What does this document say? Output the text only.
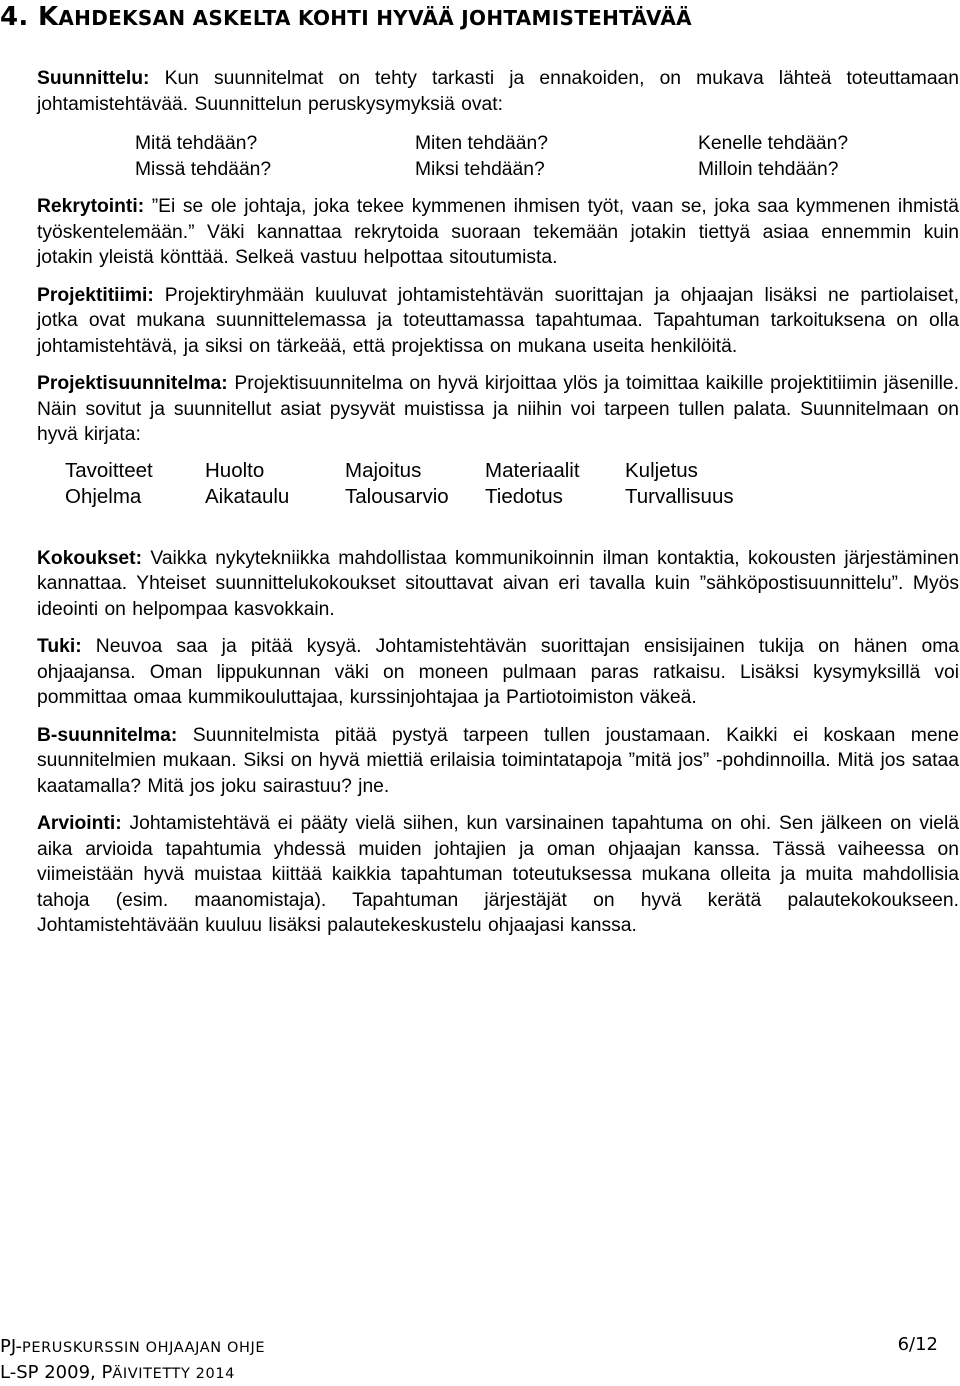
4. KAHDEKSAN ASKELTA KOHTI HYVÄÄ JOHTAMISTEHTÄVÄÄ

Suunnittelu: Kun suunnitelmat on tehty tarkasti ja ennakoiden, on mukava lähteä toteuttamaan johtamistehtävää. Suunnittelun peruskysymyksiä ovat:

Mitä tehdään?	Miten tehdään?	Kenelle tehdään?
Missä tehdään?	Miksi tehdään?	Milloin tehdään?

Rekrytointi: ”Ei se ole johtaja, joka tekee kymmenen ihmisen työt, vaan se, joka saa kymmenen ihmistä työskentelemään.” Väki kannattaa rekrytoida suoraan tekemään jotakin tiettyä asiaa ennemmin kuin jotakin yleistä könttää. Selkeä vastuu helpottaa sitoutumista.

Projektitiimi: Projektiryhmään kuuluvat johtamistehtävän suorittajan ja ohjaajan lisäksi ne partiolaiset, jotka ovat mukana suunnittelemassa ja toteuttamassa tapahtumaa. Tapahtuman tarkoituksena on olla johtamistehtävä, ja siksi on tärkeää, että projektissa on mukana useita henkilöitä.

Projektisuunnitelma: Projektisuunnitelma on hyvä kirjoittaa ylös ja toimittaa kaikille projektitiimin jäsenille. Näin sovitut ja suunnitellut asiat pysyvät muistissa ja niihin voi tarpeen tullen palata. Suunnitelmaan on hyvä kirjata:

Tavoitteet	Huolto	Majoitus	Materiaalit	Kuljetus
Ohjelma	Aikataulu	Talousarvio	Tiedotus	Turvallisuus

Kokoukset: Vaikka nykytekniikka mahdollistaa kommunikoinnin ilman kontaktia, kokousten järjestäminen kannattaa. Yhteiset suunnittelukokoukset sitouttavat aivan eri tavalla kuin ”sähköpostisuunnittelu”. Myös ideointi on helpompaa kasvokkain.

Tuki: Neuvoa saa ja pitää kysyä. Johtamistehtävän suorittajan ensisijainen tukija on hänen oma ohjaajansa. Oman lippukunnan väki on moneen pulmaan paras ratkaisu. Lisäksi kysymyksillä voi pommittaa omaa kummikouluttajaa, kurssinjohtajaa ja Partiotoimiston väkeä.

B-suunnitelma: Suunnitelmista pitää pystyä tarpeen tullen joustamaan. Kaikki ei koskaan mene suunnitelmien mukaan. Siksi on hyvä miettiä erilaisia toimintatapoja ”mitä jos” -pohdinnoilla. Mitä jos sataa kaatamalla? Mitä jos joku sairastuu? jne.

Arviointi: Johtamistehtävä ei pääty vielä siihen, kun varsinainen tapahtuma on ohi. Sen jälkeen on vielä aika arvioida tapahtumia yhdessä muiden johtajien ja oman ohjaajan kanssa. Tässä vaiheessa on viimeistään hyvä muistaa kiittää kaikkia tapahtuman toteutuksessa mukana olleita ja muita mahdollisia tahoja (esim. maanomistaja). Tapahtuman järjestäjät on hyvä kerätä palautekokoukseen. Johtamistehtävään kuuluu lisäksi palautekeskustelu ohjaajasi kanssa.

PJ-PERUSKURSSIN OHJAAJAN OHJE	6/12
L-SP 2009, PÄIVITETTY 2014
